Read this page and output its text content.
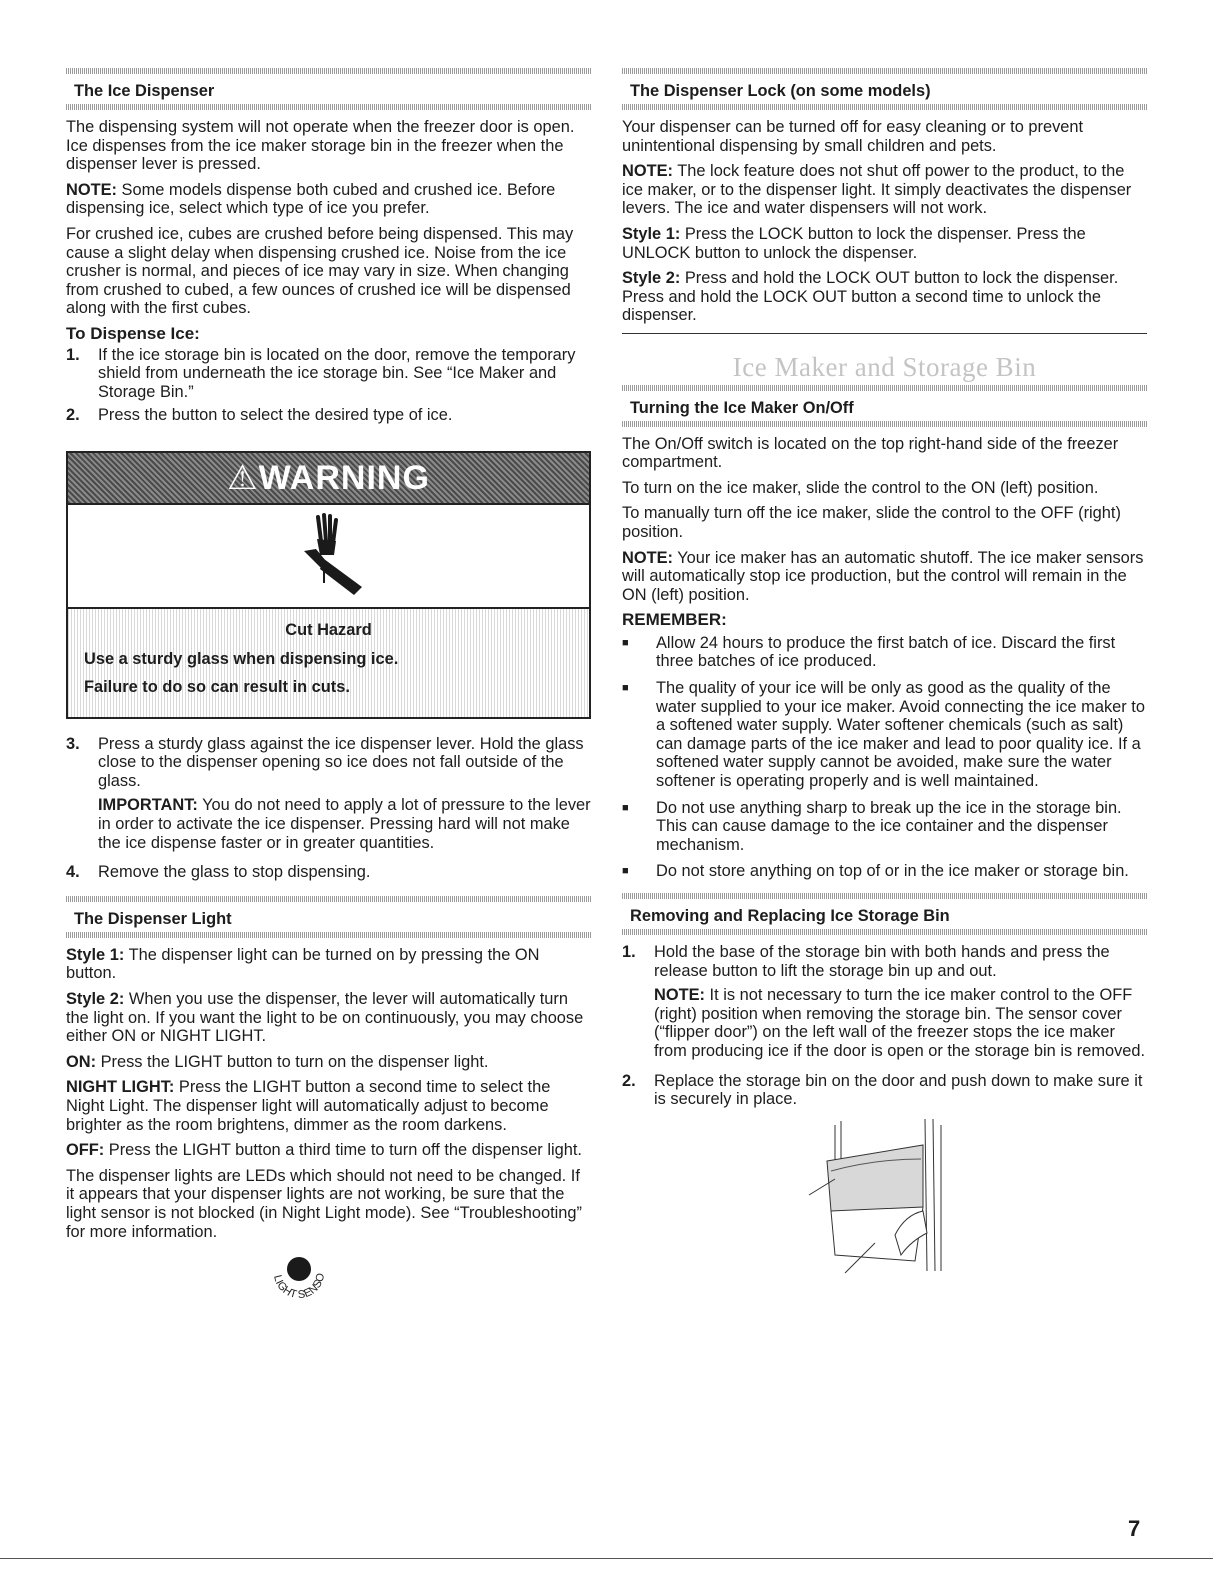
The Ice Dispenser

The dispensing system will not operate when the freezer door is open. Ice dispenses from the ice maker storage bin in the freezer when the dispenser lever is pressed.

NOTE: Some models dispense both cubed and crushed ice. Before dispensing ice, select which type of ice you prefer.

For crushed ice, cubes are crushed before being dispensed. This may cause a slight delay when dispensing crushed ice. Noise from the ice crusher is normal, and pieces of ice may vary in size. When changing from crushed to cubed, a few ounces of crushed ice will be dispensed along with the first cubes.

To Dispense Ice:
1.	If the ice storage bin is located on the door, remove the temporary shield from underneath the ice storage bin. See “Ice Maker and Storage Bin.”
2.	Press the button to select the desired type of ice.
⚠WARNING
Cut Hazard
Use a sturdy glass when dispensing ice.
Failure to do so can result in cuts.
3.	Press a sturdy glass against the ice dispenser lever. Hold the glass close to the dispenser opening so ice does not fall outside of the glass.

IMPORTANT: You do not need to apply a lot of pressure to the lever in order to activate the ice dispenser. Pressing hard will not make the ice dispense faster or in greater quantities.

4.	Remove the glass to stop dispensing.
The Dispenser Light

Style 1: The dispenser light can be turned on by pressing the ON button.

Style 2: When you use the dispenser, the lever will automatically turn the light on. If you want the light to be on continuously, you may choose either ON or NIGHT LIGHT.

ON: Press the LIGHT button to turn on the dispenser light.

NIGHT LIGHT: Press the LIGHT button a second time to select the Night Light. The dispenser light will automatically adjust to become brighter as the room brightens, dimmer as the room darkens.

OFF: Press the LIGHT button a third time to turn off the dispenser light.

The dispenser lights are LEDs which should not need to be changed. If it appears that your dispenser lights are not working, be sure that the light sensor is not blocked (in Night Light mode). See “Troubleshooting” for more information.

LIGHT SENSO
The Dispenser Lock (on some models)

Your dispenser can be turned off for easy cleaning or to prevent unintentional dispensing by small children and pets.

NOTE: The lock feature does not shut off power to the product, to the ice maker, or to the dispenser light. It simply deactivates the dispenser levers. The ice and water dispensers will not work.

Style 1: Press the LOCK button to lock the dispenser. Press the UNLOCK button to unlock the dispenser.

Style 2: Press and hold the LOCK OUT button to lock the dispenser. Press and hold the LOCK OUT button a second time to unlock the dispenser.

Ice Maker and Storage Bin
Turning the Ice Maker On/Off

The On/Off switch is located on the top right-hand side of the freezer compartment.

To turn on the ice maker, slide the control to the ON (left) position.

To manually turn off the ice maker, slide the control to the OFF (right) position.

NOTE: Your ice maker has an automatic shutoff. The ice maker sensors will automatically stop ice production, but the control will remain in the ON (left) position.

REMEMBER:
■	Allow 24 hours to produce the first batch of ice. Discard the first three batches of ice produced.
■	The quality of your ice will be only as good as the quality of the water supplied to your ice maker. Avoid connecting the ice maker to a softened water supply. Water softener chemicals (such as salt) can damage parts of the ice maker and lead to poor quality ice. If a softened water supply cannot be avoided, make sure the water softener is operating properly and is well maintained.
■	Do not use anything sharp to break up the ice in the storage bin. This can cause damage to the ice container and the dispenser mechanism.
■	Do not store anything on top of or in the ice maker or storage bin.
Removing and Replacing Ice Storage Bin
1.	Hold the base of the storage bin with both hands and press the release button to lift the storage bin up and out.

NOTE: It is not necessary to turn the ice maker control to the OFF (right) position when removing the storage bin. The sensor cover (“flipper door”) on the left wall of the freezer stops the ice maker from producing ice if the door is open or the storage bin is removed.

2.	Replace the storage bin on the door and push down to make sure it is securely in place.
7
